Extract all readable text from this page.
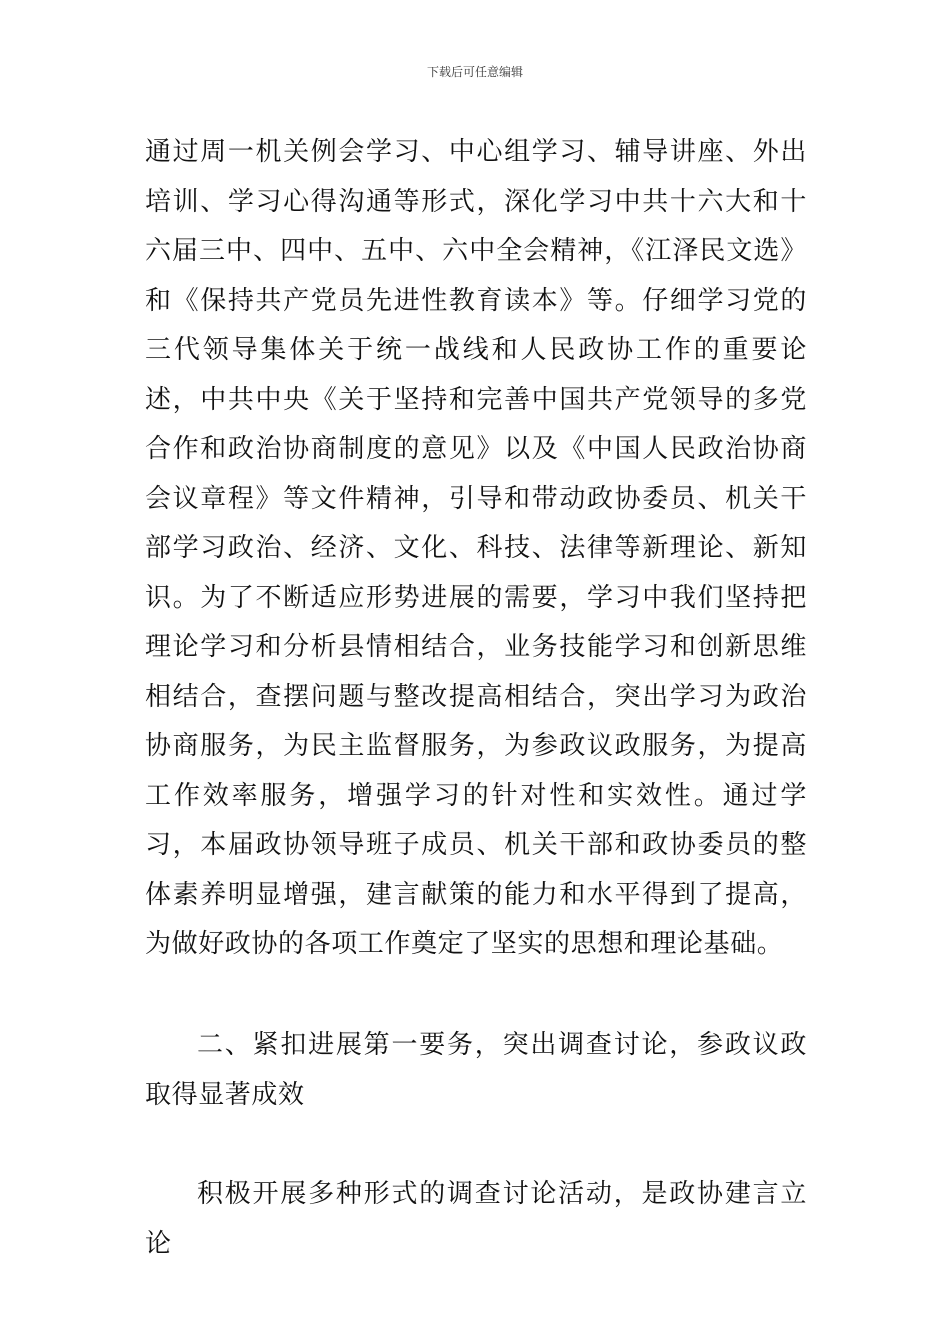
下载后可任意编辑

通过周一机关例会学习、中心组学习、辅导讲座、外出培训、学习心得沟通等形式，深化学习中共十六大和十六届三中、四中、五中、六中全会精神，《江泽民文选》和《保持共产党员先进性教育读本》等。仔细学习党的三代领导集体关于统一战线和人民政协工作的重要论述，中共中央《关于坚持和完善中国共产党领导的多党合作和政治协商制度的意见》以及《中国人民政治协商会议章程》等文件精神，引导和带动政协委员、机关干部学习政治、经济、文化、科技、法律等新理论、新知识。为了不断适应形势进展的需要，学习中我们坚持把理论学习和分析县情相结合，业务技能学习和创新思维相结合，查摆问题与整改提高相结合，突出学习为政治协商服务，为民主监督服务，为参政议政服务，为提高工作效率服务，增强学习的针对性和实效性。通过学习，本届政协领导班子成员、机关干部和政协委员的整体素养明显增强，建言献策的能力和水平得到了提高，为做好政协的各项工作奠定了坚实的思想和理论基础。

二、紧扣进展第一要务，突出调查讨论，参政议政取得显著成效

积极开展多种形式的调查讨论活动，是政协建言立论
